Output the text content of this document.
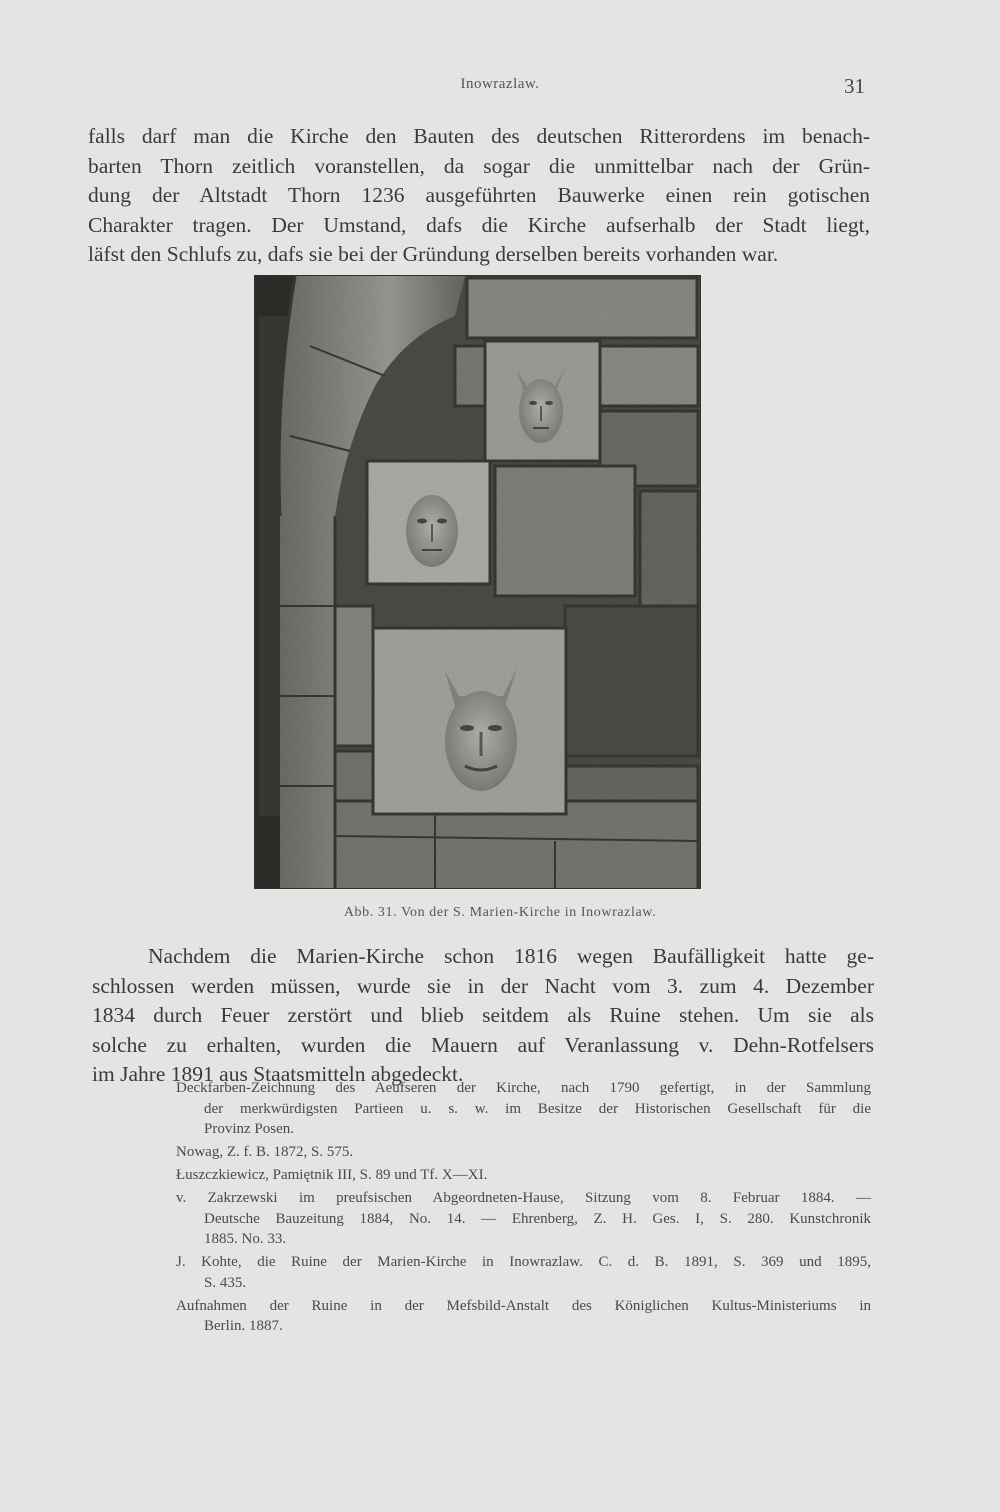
Inowrazlaw.	31
falls darf man die Kirche den Bauten des deutschen Ritterordens im benach-
barten Thorn zeitlich voranstellen, da sogar die unmittelbar nach der Grün-
dung der Altstadt Thorn 1236 ausgeführten Bauwerke einen rein gotischen
Charakter tragen. Der Umstand, dafs die Kirche aufserhalb der Stadt liegt,
läfst den Schlufs zu, dafs sie bei der Gründung derselben bereits vorhanden war.
Abb. 31. Von der S. Marien-Kirche in Inowrazlaw.
Nachdem die Marien-Kirche schon 1816 wegen Baufälligkeit hatte ge-
schlossen werden müssen, wurde sie in der Nacht vom 3. zum 4. Dezember
1834 durch Feuer zerstört und blieb seitdem als Ruine stehen. Um sie als
solche zu erhalten, wurden die Mauern auf Veranlassung v. Dehn-Rotfelsers
im Jahre 1891 aus Staatsmitteln abgedeckt.
Deckfarben-Zeichnung des Aeufseren der Kirche, nach 1790 gefertigt, in der Sammlung
der merkwürdigsten Partieen u. s. w. im Besitze der Historischen Gesellschaft für die
Provinz Posen.
Nowag, Z. f. B. 1872, S. 575.
Łuszczkiewicz, Pamiętnik III, S. 89 und Tf. X—XI.
v. Zakrzewski im preufsischen Abgeordneten-Hause, Sitzung vom 8. Februar 1884. —
Deutsche Bauzeitung 1884, No. 14. — Ehrenberg, Z. H. Ges. I, S. 280. Kunstchronik
1885. No. 33.
J. Kohte, die Ruine der Marien-Kirche in Inowrazlaw. C. d. B. 1891, S. 369 und 1895,
S. 435.
Aufnahmen der Ruine in der Mefsbild-Anstalt des Königlichen Kultus-Ministeriums in
Berlin. 1887.
